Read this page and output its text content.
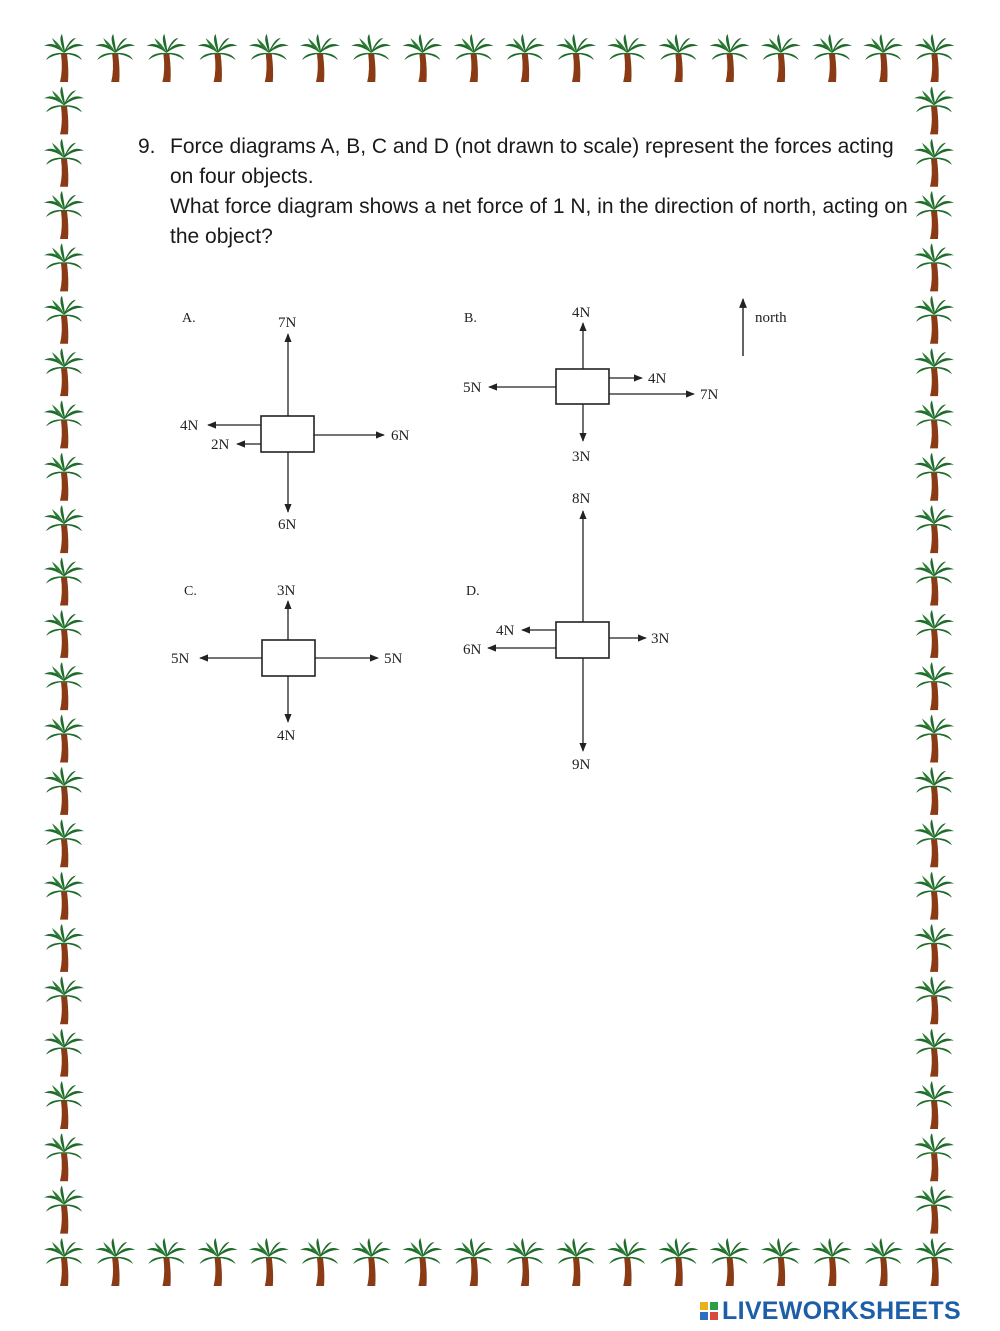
9. Force diagrams A, B, C and D (not drawn to scale) represent the forces acting on four objects.

What force diagram shows a net force of 1 N, in the direction of north, acting on the object?

north
A.	7N
6N
4N
2N
6N
B.	4N
3N
5N
4N
7N
C.	3N
4N
5N	5N
D.
8N
9N
4N
6N
3N
LIVEWORKSHEETS
